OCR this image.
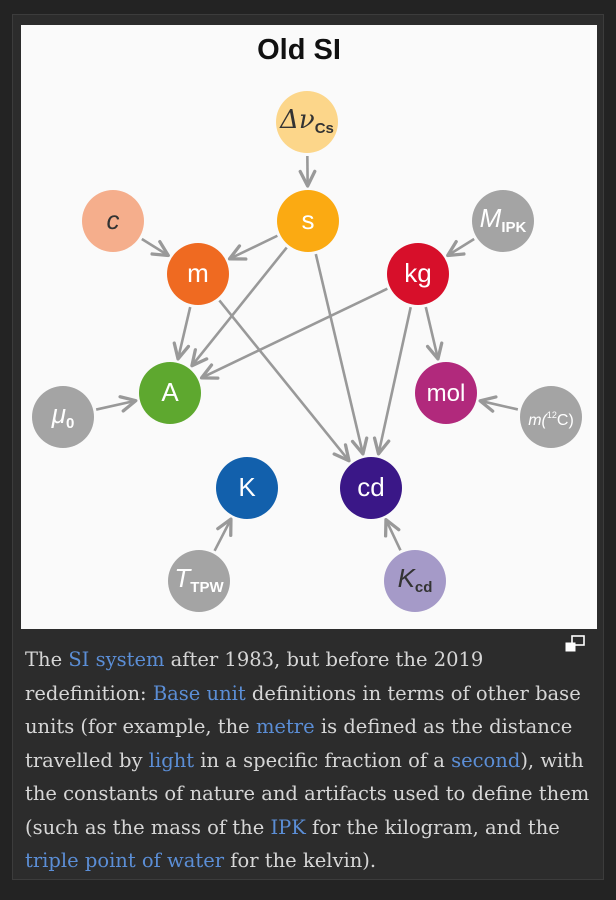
Old SI
ΔνCs
c	s
m	kg
MIPK
A
μ0
mol
m($^{12}$C)
K	cd
TTPW	Kcd
The SI system after 1983, but before the 2019 redefinition: Base unit definitions in terms of other base units (for example, the metre is defined as the distance travelled by light in a specific fraction of a second), with the constants of nature and artifacts used to define them (such as the mass of the IPK for the kilogram, and the triple point of water for the kelvin).
